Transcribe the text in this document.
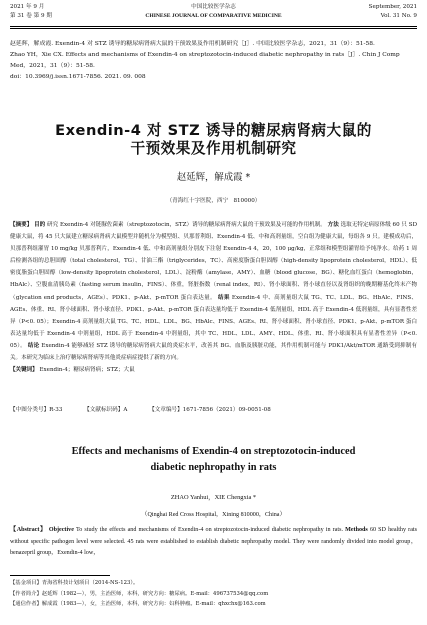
2021 年 9 月
第 31 卷 第 9 期
中国比较医学杂志
CHINESE JOURNAL OF COMPARATIVE MEDICINE
September, 2021
Vol. 31 No. 9

赵延辉，解成霞. Exendin-4 对 STZ 诱导的糖尿病肾病大鼠的干预效果及作用机制研究［J］. 中国比较医学杂志，2021，31（9）：51-58.

Zhao YH，Xie CX. Effects and mechanisms of Exendin-4 on streptozotocin-induced diabetic nephropathy in rats［J］. Chin J Comp Med，2021，31（9）：51-58.

doi：10.3969/j.issn.1671-7856. 2021. 09. 008

Exendin-4 对 STZ 诱导的糖尿病肾病大鼠的
干预效果及作用机制研究
赵延辉，解成霞 *
（青海红十字医院，西宁   810000）
【摘要】 目的 研究 Exendin-4 对链脲佐菌素（streptozotocin，STZ）诱导的糖尿病肾病大鼠的干预效果及可能的作用机制。 方法 选取无特定病原体级 60 只 SD 健康大鼠，将 45 只大鼠建立糖尿病肾病大鼠模型并随机分为模型组、贝那普利组、Exendin-4 低、中和高剂量组，空白组为健康大鼠，每组各 9 只。建模成功后，贝那普利组灌胃 10 mg/kg 贝那普利片，Exendin-4 低、中和高剂量组分别皮下注射 Exendin-4 4，20，100 μg/kg，正常组和模型组灌胃给予纯净水。给药 1 周后检测各组的总胆固醇（total cholesterol，TG）、甘油三酯（triglycerides，TC）、高密度脂蛋白胆固醇（high-density lipoprotein cholesterol，HDL）、低密度脂蛋白胆固醇（low-density lipoprotein cholesterol，LDL）、淀粉酶（amylase，AMY）、血糖（blood glucose，BG）、糖化血红蛋白（hemoglobin，HbAlc）、空腹血清胰岛素（fasting serum insulin，FINS）、体重，肾脏指数（renal index，RI）、肾小球面积、肾小球直径以及肾组织的晚期糖基化终末产物（glycation end products，AGEs）、PDK1、p-Akt、p-mTOR 蛋白表达量。 结果 Exendin-4 中、高剂量组大鼠 TG、TC、LDL、BG、HbAlc、FINS、AGEs、体重、RI、肾小球面积、肾小球直径、PDK1、p-Akt、p-mTOR 蛋白表达量均低于 Exendin-4 低剂量组，HDL 高于 Exendin-4 低剂量组，具有显著性差异（P<0. 05）；Exendin-4 高剂量组大鼠 TG、TC、HDL、LDL、BG、HbAlc、FINS、AGEs、RI、肾小球面积、肾小球直径、PDK1、p-Akt、p-mTOR 蛋白表达量均低于 Exendin-4 中剂量组，HDL 高于 Exendin-4 中剂量组，其中 TC、HDL、LDL、AMY、HDL、体重、RI、肾小球面积具有显著性差异（P<0. 05）。 结论 Exendin-4 能够减轻 STZ 诱导的糖尿病肾病大鼠的炎症水平，改善其 BG、血脂及胰脏功能，其作用机制可能与 PDK1/Akt/mTOR 通路受到抑制有关。本研究为临床上治疗糖尿病肾病等其他炎症病症提供了新的方向。
【关键词】 Exendin-4；糖尿病肾病；STZ；大鼠
【中图分类号】R-33	【文献标识码】A	【文章编号】1671-7856（2021）09-0051-08
Effects and mechanisms of Exendin-4 on streptozotocin-induced
diabetic nephropathy in rats
ZHAO Yanhui，XIE Chengxia *
（Qinghai Red Cross Hospital，Xining 810000，China）
【Abstract】 Objective To study the effects and mechanisms of Exendin-4 on streptozotocin-induced diabetic nephropathy in rats. Methods 60 SD healthy rats without specific pathogen level were selected. 45 rats were established to establish diabetic nephropathy model. They were randomly divided into model group，benazepril group，Exendin-4 low，

【基金项目】青海省科技计划项目（2014-NS-123）。

【作者简介】赵延辉（1982—），男，主治医师，本科，研究方向：糖尿病。E-mail：496737534@qq.com

【通信作者】解成霞（1983—），女，主治医师，本科，研究方向：妇科肿瘤。E-mail：qhxchx@163.com
